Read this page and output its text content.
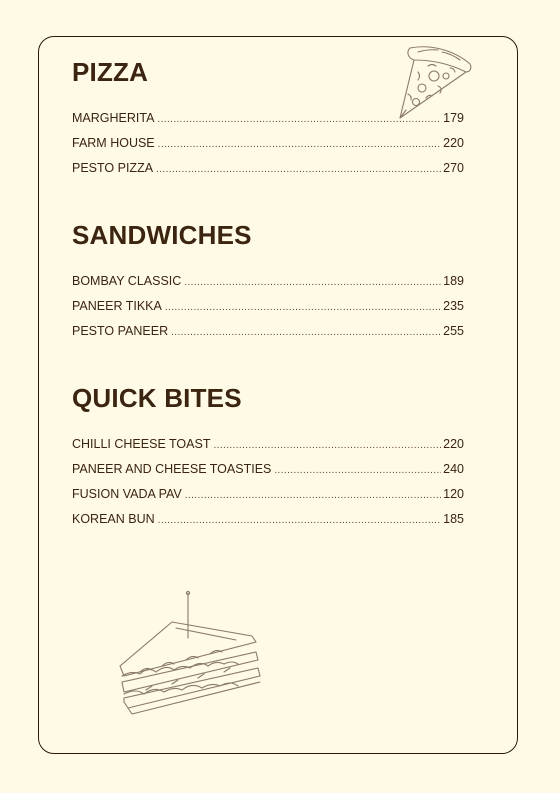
PIZZA
MARGHERITA .....	179
FARM HOUSE .....	220
PESTO PIZZA .....	270
SANDWICHES
BOMBAY CLASSIC .....	189
PANEER TIKKA .....	235
PESTO PANEER .....	255
QUICK BITES
CHILLI CHEESE TOAST .....	220
PANEER AND CHEESE TOASTIES .....	240
FUSION VADA PAV .....	120
KOREAN BUN .....	185
